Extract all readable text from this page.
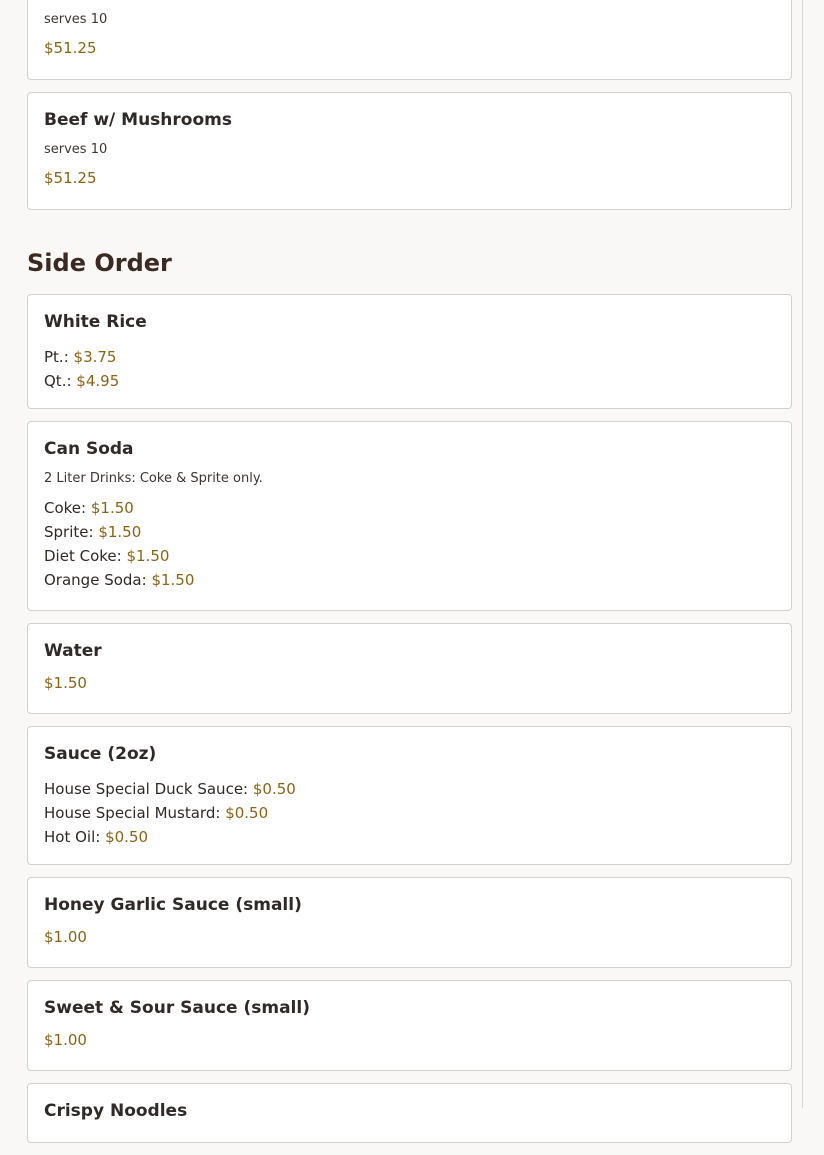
serves 10
$51.25
Beef w/ Mushrooms
serves 10
$51.25
Side Order
White Rice
Pt.: $3.75
Qt.: $4.95
Can Soda
2 Liter Drinks: Coke & Sprite only.
Coke: $1.50
Sprite: $1.50
Diet Coke: $1.50
Orange Soda: $1.50
Water
$1.50
Sauce (2oz)
House Special Duck Sauce: $0.50
House Special Mustard: $0.50
Hot Oil: $0.50
Honey Garlic Sauce (small)
$1.00
Sweet & Sour Sauce (small)
$1.00
Crispy Noodles
